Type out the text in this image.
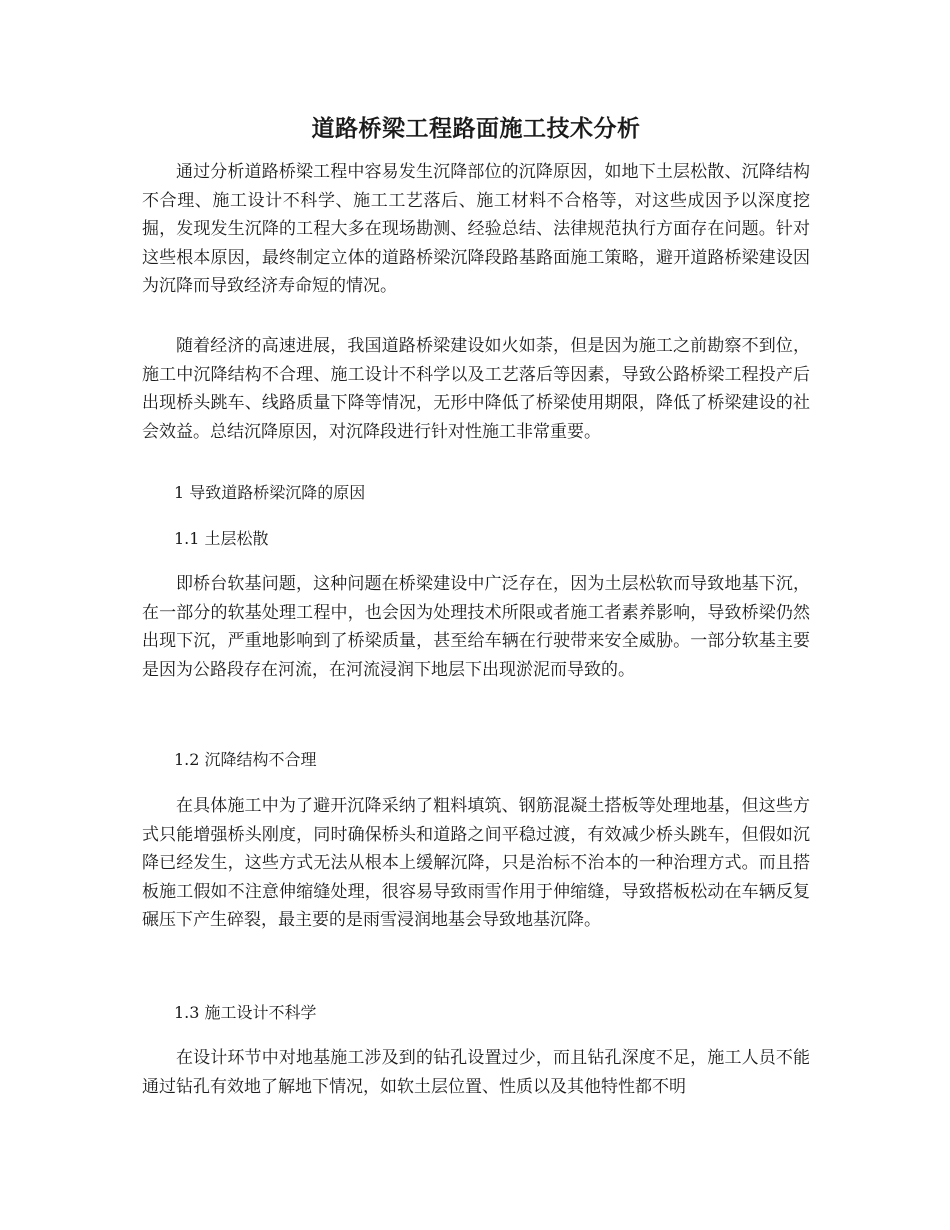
道路桥梁工程路面施工技术分析

通过分析道路桥梁工程中容易发生沉降部位的沉降原因，如地下土层松散、沉降结构不合理、施工设计不科学、施工工艺落后、施工材料不合格等，对这些成因予以深度挖掘，发现发生沉降的工程大多在现场勘测、经验总结、法律规范执行方面存在问题。针对这些根本原因，最终制定立体的道路桥梁沉降段路基路面施工策略，避开道路桥梁建设因为沉降而导致经济寿命短的情况。

随着经济的高速进展，我国道路桥梁建设如火如荼，但是因为施工之前勘察不到位，施工中沉降结构不合理、施工设计不科学以及工艺落后等因素，导致公路桥梁工程投产后出现桥头跳车、线路质量下降等情况，无形中降低了桥梁使用期限，降低了桥梁建设的社会效益。总结沉降原因，对沉降段进行针对性施工非常重要。

1 导致道路桥梁沉降的原因
1.1 土层松散

即桥台软基问题，这种问题在桥梁建设中广泛存在，因为土层松软而导致地基下沉，在一部分的软基处理工程中，也会因为处理技术所限或者施工者素养影响，导致桥梁仍然出现下沉，严重地影响到了桥梁质量，甚至给车辆在行驶带来安全威胁。一部分软基主要是因为公路段存在河流，在河流浸润下地层下出现淤泥而导致的。

1.2 沉降结构不合理

在具体施工中为了避开沉降采纳了粗料填筑、钢筋混凝土搭板等处理地基，但这些方式只能增强桥头刚度，同时确保桥头和道路之间平稳过渡，有效减少桥头跳车，但假如沉降已经发生，这些方式无法从根本上缓解沉降，只是治标不治本的一种治理方式。而且搭板施工假如不注意伸缩缝处理，很容易导致雨雪作用于伸缩缝，导致搭板松动在车辆反复碾压下产生碎裂，最主要的是雨雪浸润地基会导致地基沉降。

1.3 施工设计不科学

在设计环节中对地基施工涉及到的钻孔设置过少，而且钻孔深度不足，施工人员不能通过钻孔有效地了解地下情况，如软土层位置、性质以及其他特性都不明
